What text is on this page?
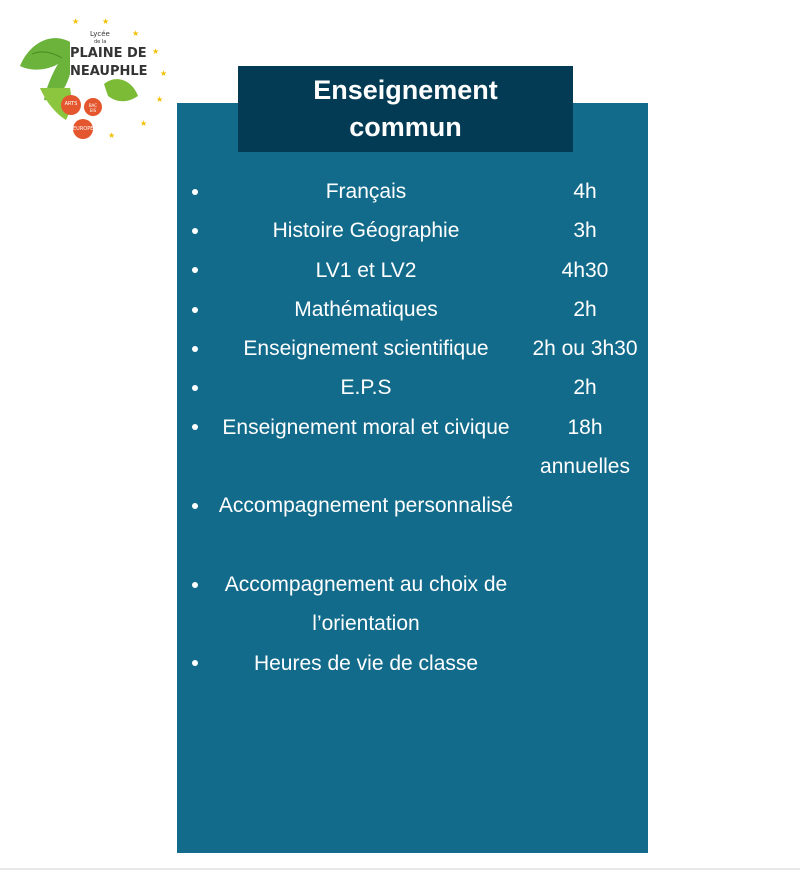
★
★
★
★
★
★
★
★
Lycée
de la
PLAINE DE
NEAUPHLE
ARTS	BAC EIS
EUROPE
Enseignement commun
Français	4h
Histoire Géographie	3h
LV1 et LV2	4h30
Mathématiques	2h
Enseignement scientifique	2h ou 3h30
E.P.S	2h
Enseignement moral et civique	18h annuelles
Accompagnement personnalisé
Accompagnement au choix de l’orientation
Heures de vie de classe
